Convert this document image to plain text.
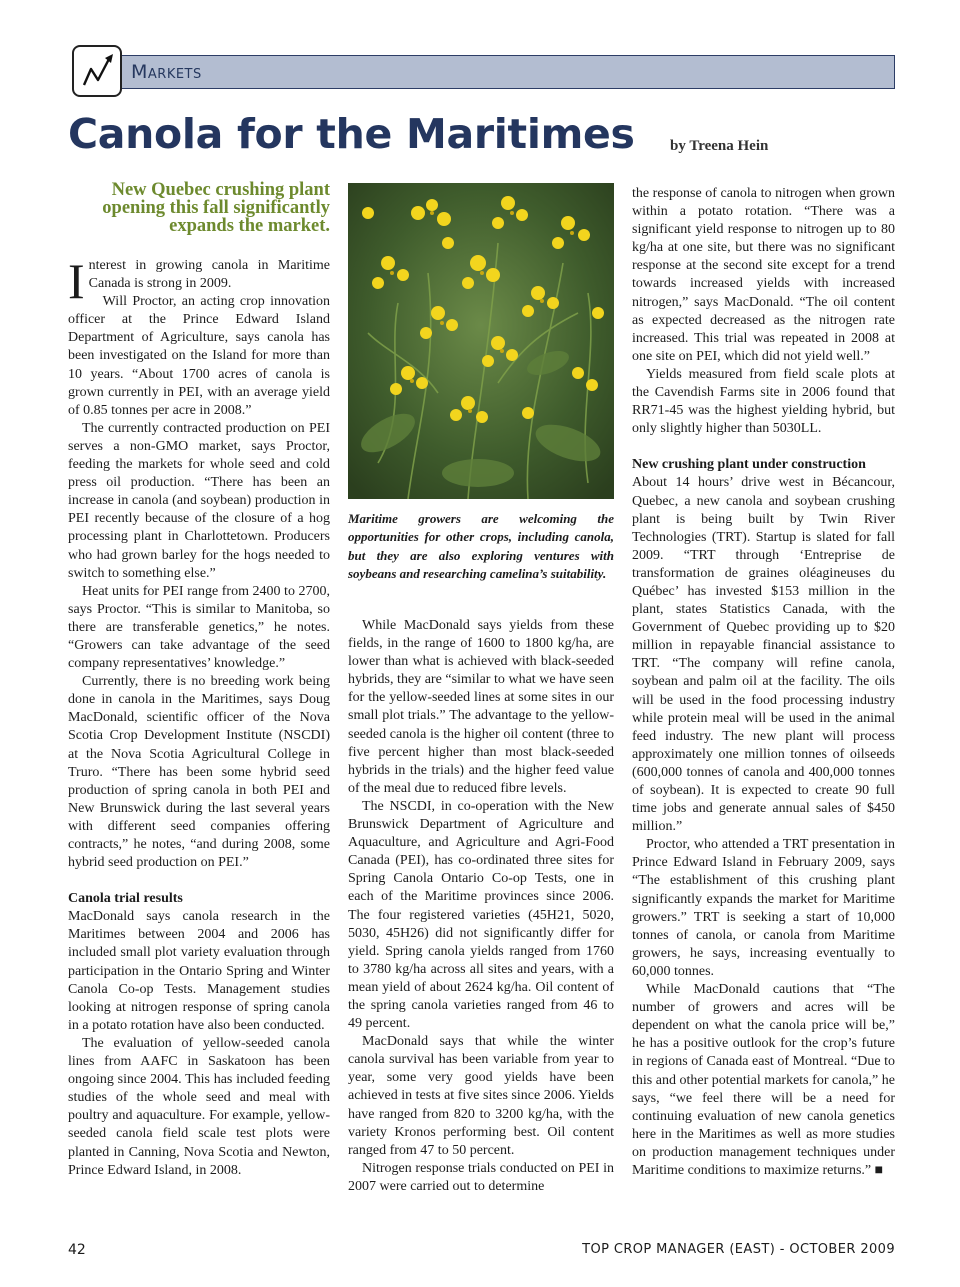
Markets
Canola for the Maritimes by Treena Hein
New Quebec crushing plant opening this fall significantly expands the market.

Interest in growing canola in Maritime Canada is strong in 2009.

Will Proctor, an acting crop innovation officer at the Prince Edward Island Department of Agriculture, says canola has been investigated on the Island for more than 10 years. “About 1700 acres of canola is grown currently in PEI, with an average yield of 0.85 tonnes per acre in 2008.”

The currently contracted production on PEI serves a non-GMO market, says Proctor, feeding the markets for whole seed and cold press oil production. “There has been an increase in canola (and soybean) production in PEI recently because of the closure of a hog processing plant in Charlottetown. Producers who had grown barley for the hogs needed to switch to something else.”

Heat units for PEI range from 2400 to 2700, says Proctor. “This is similar to Manitoba, so there are transferable genetics,” he notes. “Growers can take advantage of the seed company representatives’ knowledge.”

Currently, there is no breeding work being done in canola in the Maritimes, says Doug MacDonald, scientific officer of the Nova Scotia Crop Development Institute (NSCDI) at the Nova Scotia Agricultural College in Truro. “There has been some hybrid seed production of spring canola in both PEI and New Brunswick during the last several years with different seed companies offering contracts,” he notes, “and during 2008, some hybrid seed production on PEI.”

Canola trial results

MacDonald says canola research in the Maritimes between 2004 and 2006 has included small plot variety evaluation through participation in the Ontario Spring and Winter Canola Co-op Tests. Management studies looking at nitrogen response of spring canola in a potato rotation have also been conducted.

The evaluation of yellow-seeded canola lines from AAFC in Saskatoon has been ongoing since 2004. This has included feeding studies of the whole seed and meal with poultry and aquaculture. For example, yellow-seeded canola field scale test plots were planted in Canning, Nova Scotia and Newton, Prince Edward Island, in 2008.

Maritime growers are welcoming the opportunities for other crops, including canola, but they are also exploring ventures with soybeans and researching camelina’s suitability.

While MacDonald says yields from these fields, in the range of 1600 to 1800 kg/ha, are lower than what is achieved with black-seeded hybrids, they are “similar to what we have seen for the yellow-seeded lines at some sites in our small plot trials.” The advantage to the yellow-seeded canola is the higher oil content (three to five percent higher than most black-seeded hybrids in the trials) and the higher feed value of the meal due to reduced fibre levels.

The NSCDI, in co-operation with the New Brunswick Department of Agriculture and Aquaculture, and Agriculture and Agri-Food Canada (PEI), has co-ordinated three sites for Spring Canola Ontario Co-op Tests, one in each of the Maritime provinces since 2006. The four registered varieties (45H21, 5020, 5030, 45H26) did not significantly differ for yield. Spring canola yields ranged from 1760 to 3780 kg/ha across all sites and years, with a mean yield of about 2624 kg/ha. Oil content of the spring canola varieties ranged from 46 to 49 percent.

MacDonald says that while the winter canola survival has been variable from year to year, some very good yields have been achieved in tests at five sites since 2006. Yields have ranged from 820 to 3200 kg/ha, with the variety Kronos performing best. Oil content ranged from 47 to 50 percent.

Nitrogen response trials conducted on PEI in 2007 were carried out to determine

the response of canola to nitrogen when grown within a potato rotation. “There was a significant yield response to nitrogen up to 80 kg/ha at one site, but there was no significant response at the second site except for a trend towards increased yields with increased nitrogen,” says MacDonald. “The oil content as expected decreased as the nitrogen rate increased. This trial was repeated in 2008 at one site on PEI, which did not yield well.”

Yields measured from field scale plots at the Cavendish Farms site in 2006 found that RR71-45 was the highest yielding hybrid, but only slightly higher than 5030LL.

New crushing plant under construction

About 14 hours’ drive west in Bécancour, Quebec, a new canola and soybean crushing plant is being built by Twin River Technologies (TRT). Startup is slated for fall 2009. “TRT through ‘Entreprise de transformation de graines oléagineuses du Québec’ has invested $153 million in the plant, states Statistics Canada, with the Government of Quebec providing up to $20 million in repayable financial assistance to TRT. “The company will refine canola, soybean and palm oil at the facility. The oils will be used in the food processing industry while protein meal will be used in the animal feed industry. The new plant will process approximately one million tonnes of oilseeds (600,000 tonnes of canola and 400,000 tonnes of soybean). It is expected to create 90 full time jobs and generate annual sales of $450 million.”

Proctor, who attended a TRT presentation in Prince Edward Island in February 2009, says “The establishment of this crushing plant significantly expands the market for Maritime growers.” TRT is seeking a start of 10,000 tonnes of canola, or canola from Maritime growers, he says, increasing eventually to 60,000 tonnes.

While MacDonald cautions that “The number of growers and acres will be dependent on what the canola price will be,” he has a positive outlook for the crop’s future in regions of Canada east of Montreal. “Due to this and other potential markets for canola,” he says, “we feel there will be a need for continuing evaluation of new canola genetics here in the Maritimes as well as more studies on production management techniques under Maritime conditions to maximize returns.” ■

42	TOP CROP MANAGER (EAST) - OCTOBER 2009
